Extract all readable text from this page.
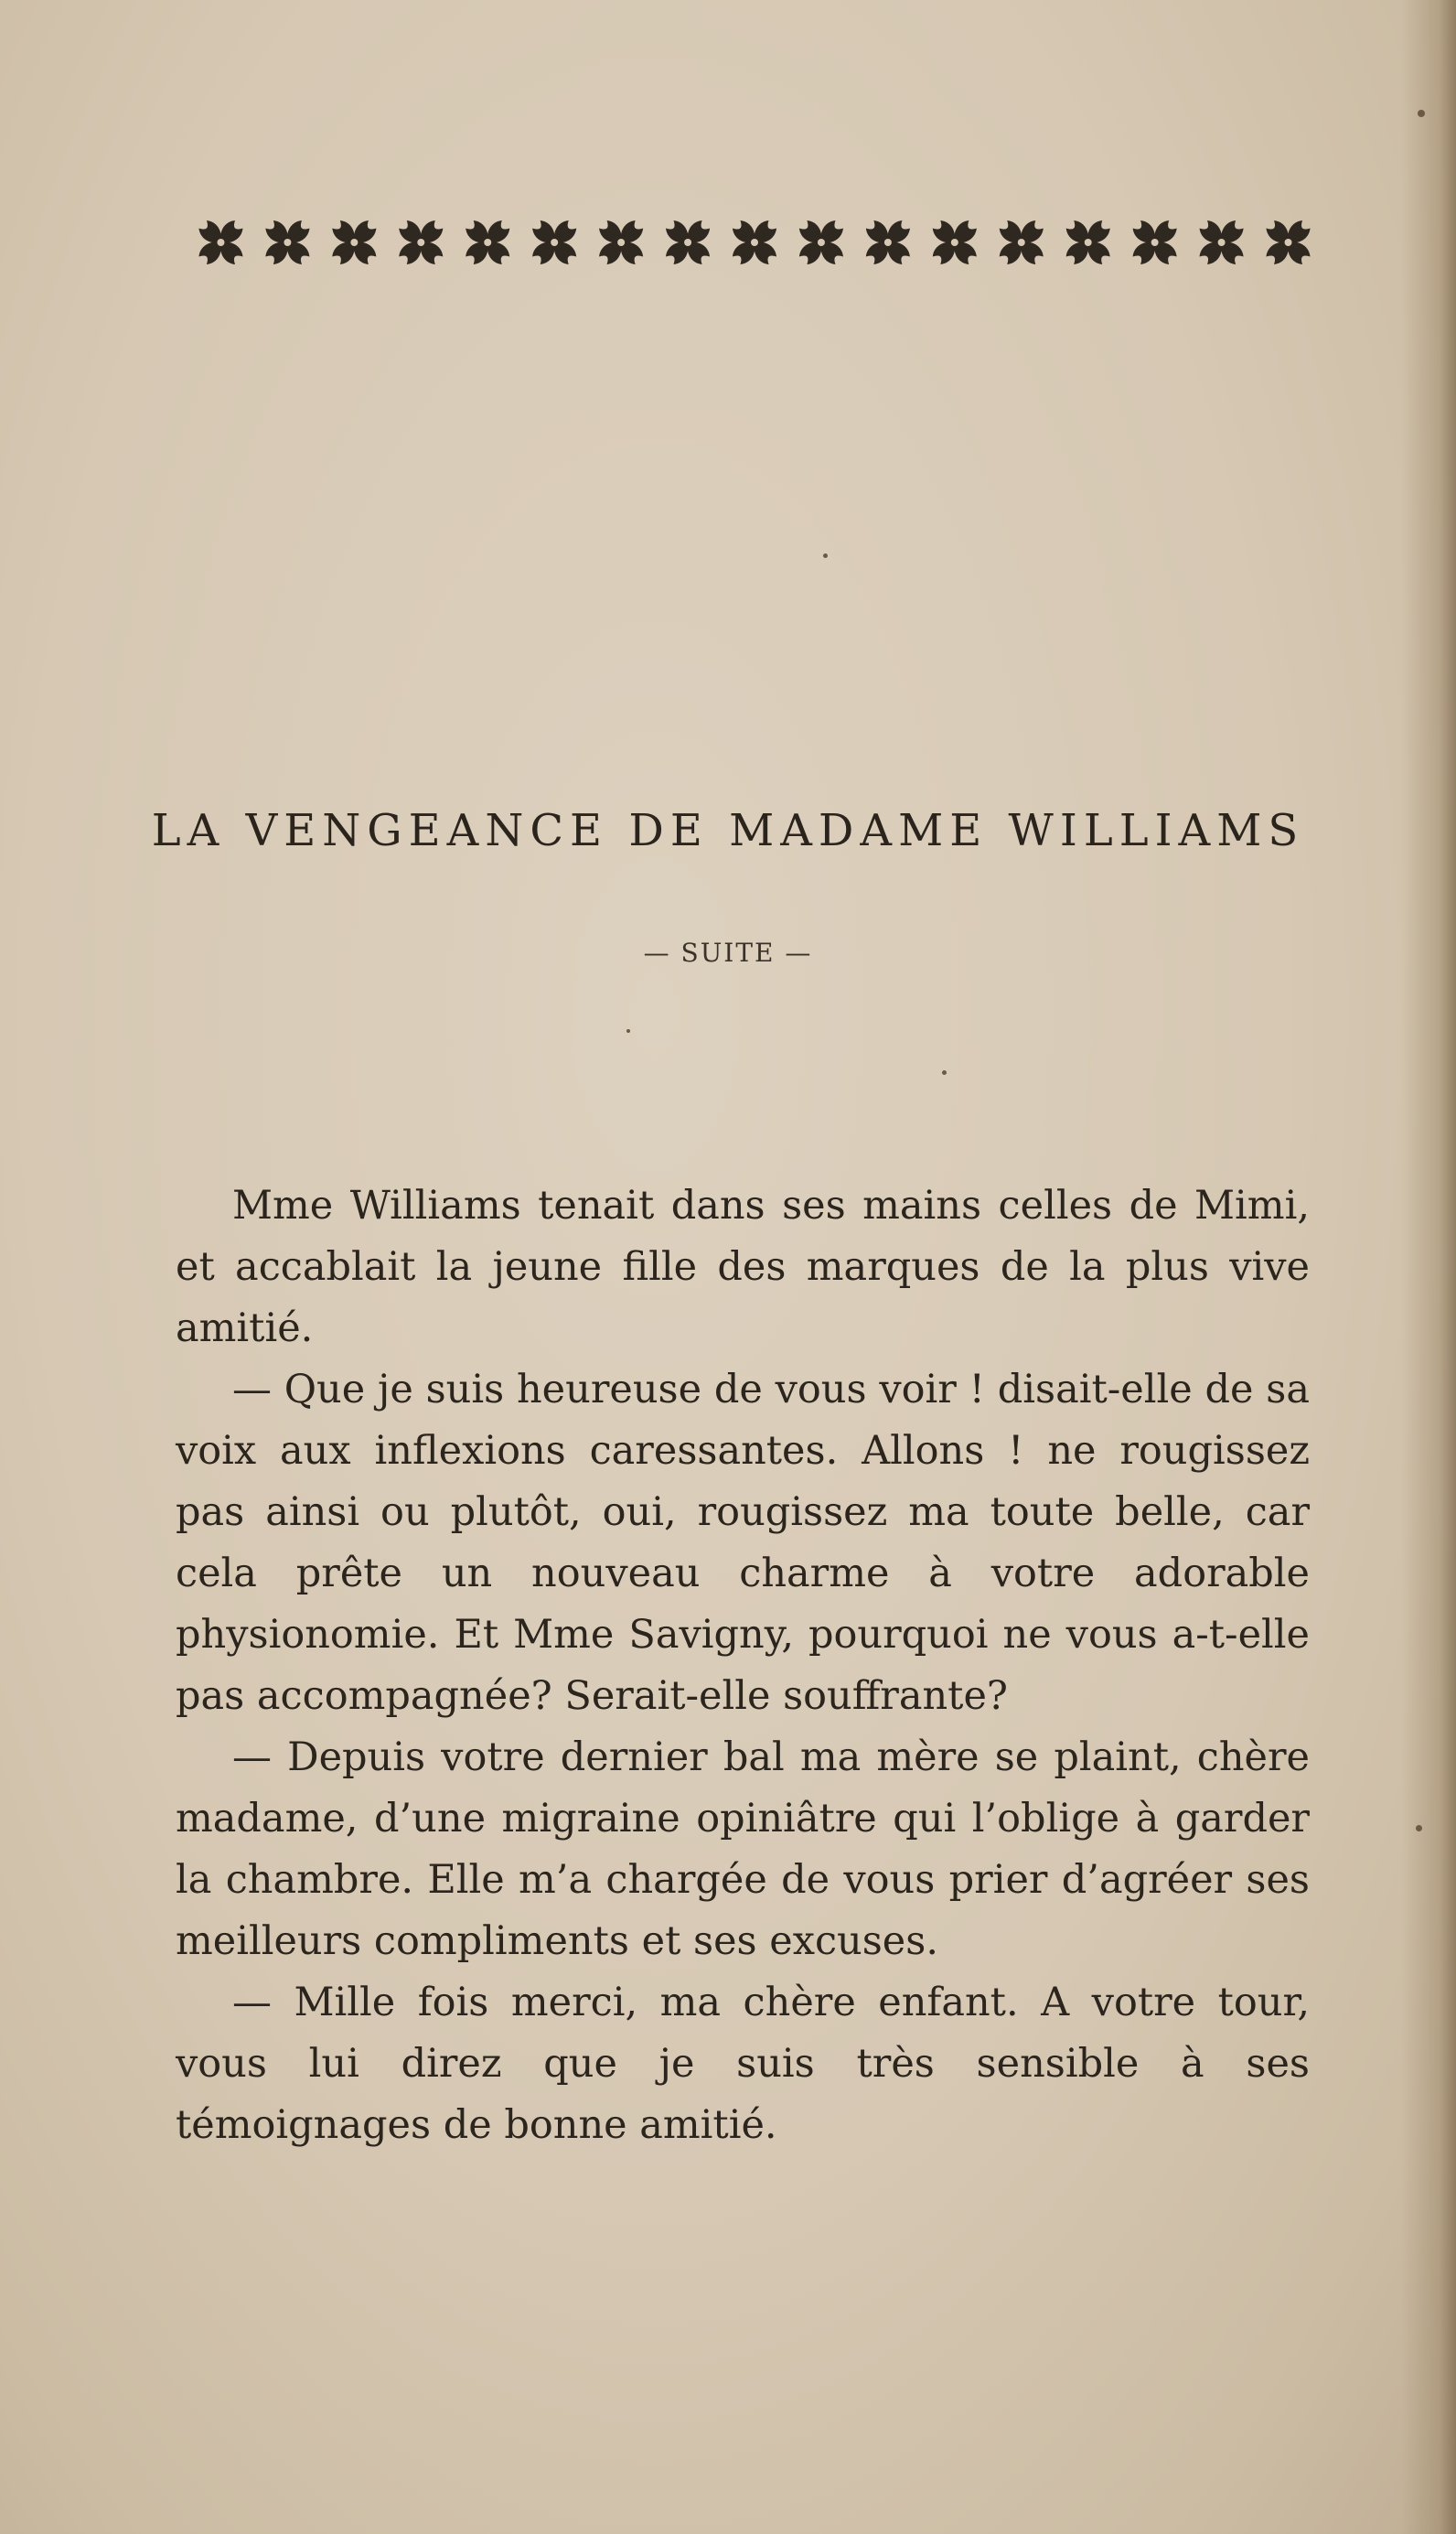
LA VENGEANCE DE MADAME WILLIAMS
— SUITE —

Mme Williams tenait dans ses mains celles de Mimi, et accablait la jeune fille des marques de la plus vive amitié.

— Que je suis heureuse de vous voir ! disait-elle de sa voix aux inflexions caressantes. Allons ! ne rougissez pas ainsi ou plutôt, oui, rougissez ma toute belle, car cela prête un nouveau charme à votre adorable physionomie. Et Mme Savigny, pourquoi ne vous a-t-elle pas accompagnée? Serait-elle souffrante?

— Depuis votre dernier bal ma mère se plaint, chère madame, d’une migraine opiniâtre qui l’oblige à garder la chambre. Elle m’a chargée de vous prier d’agréer ses meilleurs compliments et ses excuses.

— Mille fois merci, ma chère enfant. A votre tour, vous lui direz que je suis très sensible à ses témoignages de bonne amitié.
